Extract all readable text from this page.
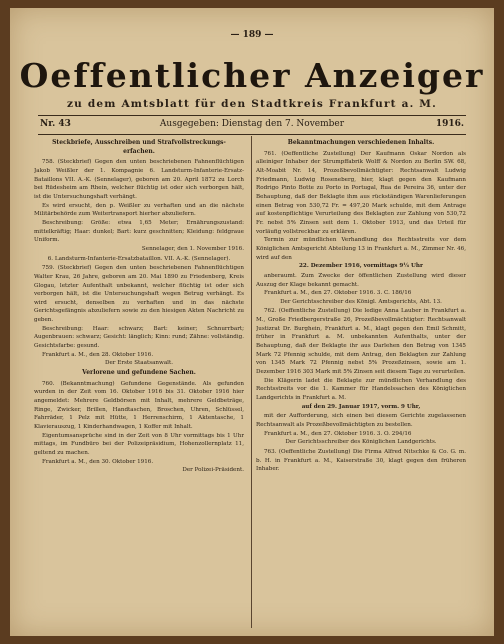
— 189 —
Oeffentlicher Anzeiger
zu dem Amtsblatt für den Stadtkreis Frankfurt a. M.
Ausgegeben: Dienstag den 7. November
Nr. 43	1916.
Steckbriefe, Ausschreiben und Strafvollstreckungs-
erfachen.

758. (Steckbrief) Gegen den unten beschriebenen Fahnenflüchtigen Jakob Weißler der 1. Kompagnie 6. Landsturm-Infanterie-Ersatz-Bataillons VII. A.-K. (Sennelager), geboren am 20. April 1872 zu Lorch bei Rüdesheim am Rhein, welcher flüchtig ist oder sich verborgen hält, ist die Untersuchungshaft verhängt.

Es wird ersucht, den p. Weißler zu verhaften und an die nächste Militärbehörde zum Weitertransport hierher abzuliefern.

Beschreibung: Größe: etwa 1,65 Meter; Ernährungszustand: mittelkräftig; Haar: dunkel; Bart: kurz geschnitten; Kleidung: feldgraue Uniform.

Sennelager, den 1. November 1916.

6. Landsturm-Infanterie-Ersatzbataillon. VII. A.-K. (Sennelager).

759. (Steckbrief) Gegen den unten beschriebenen Fahnenflüchtigen Walter Krau, 26 Jahre, geboren am 20. Mai 1890 zu Friedenberg, Kreis Glogau, letzter Aufenthalt unbekannt, welcher flüchtig ist oder sich verborgen hält, ist die Untersuchungshaft wegen Betrug verhängt. Es wird ersucht, denselben zu verhaften und in das nächste Gerichtsgefängnis abzuliefern sowie zu den hiesigen Akten Nachricht zu geben.

Beschreibung: Haar: schwarz; Bart: keiner; Schnurrbart; Augenbrauen: schwarz; Gesicht: länglich; Kinn: rund; Zähne: vollständig. Gesichtsfarbe: gesund.

Frankfurt a. M., den 28. Oktober 1916.

Der Erste Staatsanwalt.

Verlorene und gefundene Sachen.

760. (Bekanntmachung) Gefundene Gegenstände. Als gefunden wurden in der Zeit vom 16. Oktober 1916 bis 31. Oktober 1916 hier angemeldet: Mehrere Geldbörsen mit Inhalt, mehrere Geldbeträge, Ringe, Zwicker, Brillen, Handtaschen, Broschen, Uhren, Schlüssel, Fahrräder, 1 Pelz mit Hütte, 1 Herrenschirm, 1 Aktentasche, 1 Klavierauszug, 1 Kinderhandwagen, 1 Koffer mit Inhalt.

Eigentumsansprüche sind in der Zeit von 8 Uhr vormittags bis 1 Uhr mittags, im Fundbüro bei der Polizeipräsidium, Hohenzollernplatz 11, geltend zu machen.

Frankfurt a. M., den 30. Oktober 1916.

Der Polizei-Präsident.

Bekanntmachungen verschiedenen Inhalts.

761. (Oeffentliche Zustellung) Der Kaufmann Oskar Nordon als alleiniger Inhaber der Strumpffabrik Wolff & Nordon zu Berlin SW. 68, Alt-Moabit Nr. 14, Prozeßbevollmächtigter: Rechtsanwalt Ludwig Friedmann, Ludwig Roseneberg, hier, klagt gegen den Kaufmann Rodrigo Pinto Botte zu Porto in Portugal, Rua de Pereira 36, unter der Behauptung, daß der Beklagte ihm aus rückständigen Warenlieferungen einen Betrag von 530,72 Fr. = 497,20 Mark schulde, mit dem Antrage auf kostenpflichtige Verurteilung des Beklagten zur Zahlung von 530,72 Fr. nebst 5% Zinsen seit dem 1. Oktober 1913, und das Urteil für vorläufig vollstreckbar zu erklären.

Termin zur mündlichen Verhandlung des Rechtsstreits vor dem Königlichen Amtsgericht Abteilung 13 in Frankfurt a. M., Zimmer Nr. 46, wird auf den

22. Dezember 1916, vormittags 9¼ Uhr

anberaumt. Zum Zwecke der öffentlichen Zustellung wird dieser Auszug der Klage bekannt gemacht.

Frankfurt a. M., den 27. Oktober 1916. 3. C. 186/16

Der Gerichtsschreiber des Königl. Amtsgerichts, Abt. 13.

762. (Oeffentliche Zustellung) Die ledige Anna Lauber in Frankfurt a. M., Große Friedbergerstraße 26, Prozeßbevollmächtigter: Rechtsanwalt Justizrat Dr. Burghein, Frankfurt a. M., klagt gegen den Emil Schmitt, früher in Frankfurt a. M. unbekannten Aufenthalts, unter der Behauptung, daß der Beklagte ihr aus Darlehen den Betrag von 1345 Mark 72 Pfennig schulde, mit dem Antrag, den Beklagten zur Zahlung von 1345 Mark 72 Pfennig nebst 5% Prozeßzinsen, sowie am 1. Dezember 1916 303 Mark mit 5% Zinsen seit diesem Tage zu verurteilen.

Die Klägerin ladet die Beklagte zur mündlichen Verhandlung des Rechtsstreits vor die 1. Kammer für Handelssachen des Königlichen Landgerichts in Frankfurt a. M.

auf den 29. Januar 1917, vorm. 9 Uhr,

mit der Aufforderung, sich einen bei diesem Gerichte zugelassenen Rechtsanwalt als Prozeßbevollmächtigten zu bestellen.

Frankfurt a. M., den 27. Oktober 1916. 3. O. 294/16

Der Gerichtsschreiber des Königlichen Landgerichts.

763. (Oeffentliche Zustellung) Die Firma Alfred Nitschke & Co. G. m. b. H. in Frankfurt a. M., Kaiserstraße 30, klagt gegen den früheren Inhaber.
